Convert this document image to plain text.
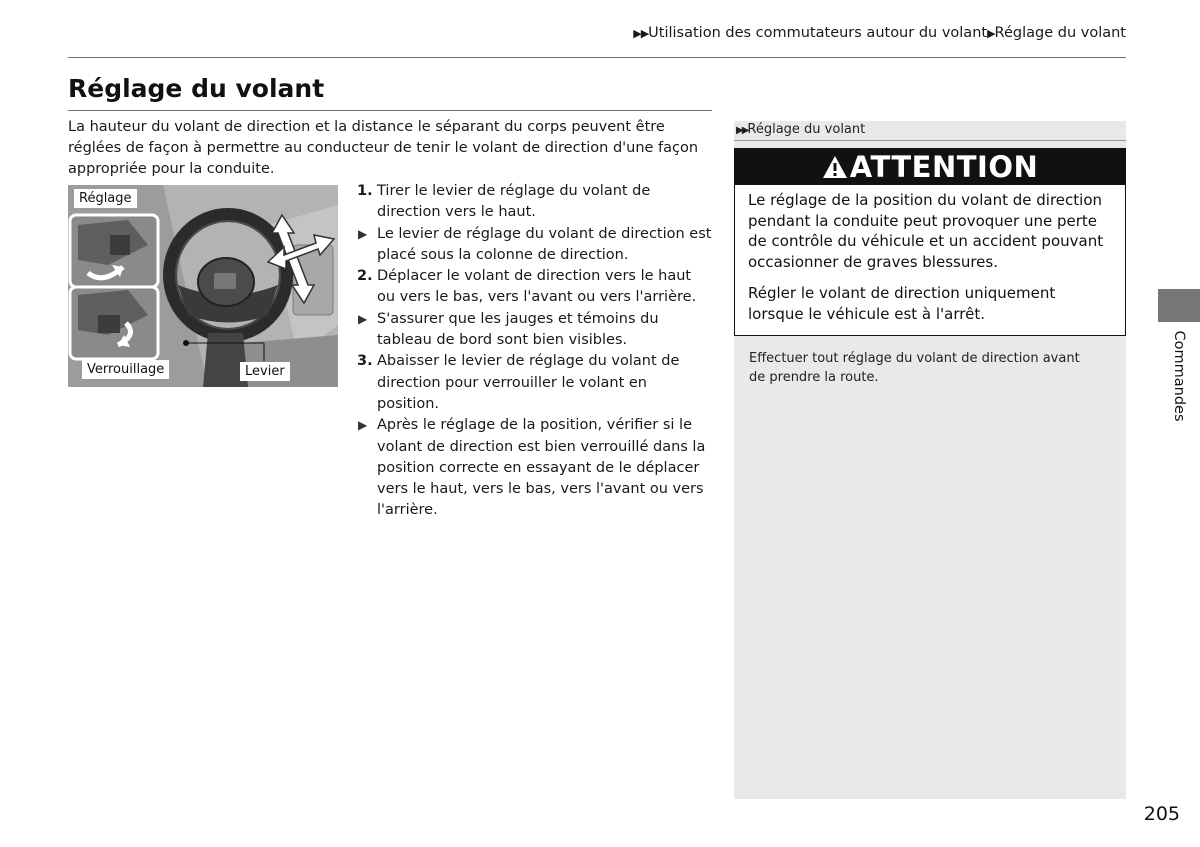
▶▶Utilisation des commutateurs autour du volant▶Réglage du volant
Réglage du volant

La hauteur du volant de direction et la distance le séparant du corps peuvent être réglées de façon à permettre au conducteur de tenir le volant de direction d'une façon appropriée pour la conduite.

Réglage
Verrouillage	Levier
1. Tirer le levier de réglage du volant de direction vers le haut.
▶ Le levier de réglage du volant de direction est placé sous la colonne de direction.
2. Déplacer le volant de direction vers le haut ou vers le bas, vers l'avant ou vers l'arrière.
▶ S'assurer que les jauges et témoins du tableau de bord sont bien visibles.
3. Abaisser le levier de réglage du volant de direction pour verrouiller le volant en position.
▶ Après le réglage de la position, vérifier si le volant de direction est bien verrouillé dans la position correcte en essayant de le déplacer vers le haut, vers le bas, vers l'avant ou vers l'arrière.
▶▶Réglage du volant
ATTENTION

Le réglage de la position du volant de direction pendant la conduite peut provoquer une perte de contrôle du véhicule et un accident pouvant occasionner de graves blessures.

Régler le volant de direction uniquement lorsque le véhicule est à l'arrêt.

Effectuer tout réglage du volant de direction avant de prendre la route.	Commandes
205
